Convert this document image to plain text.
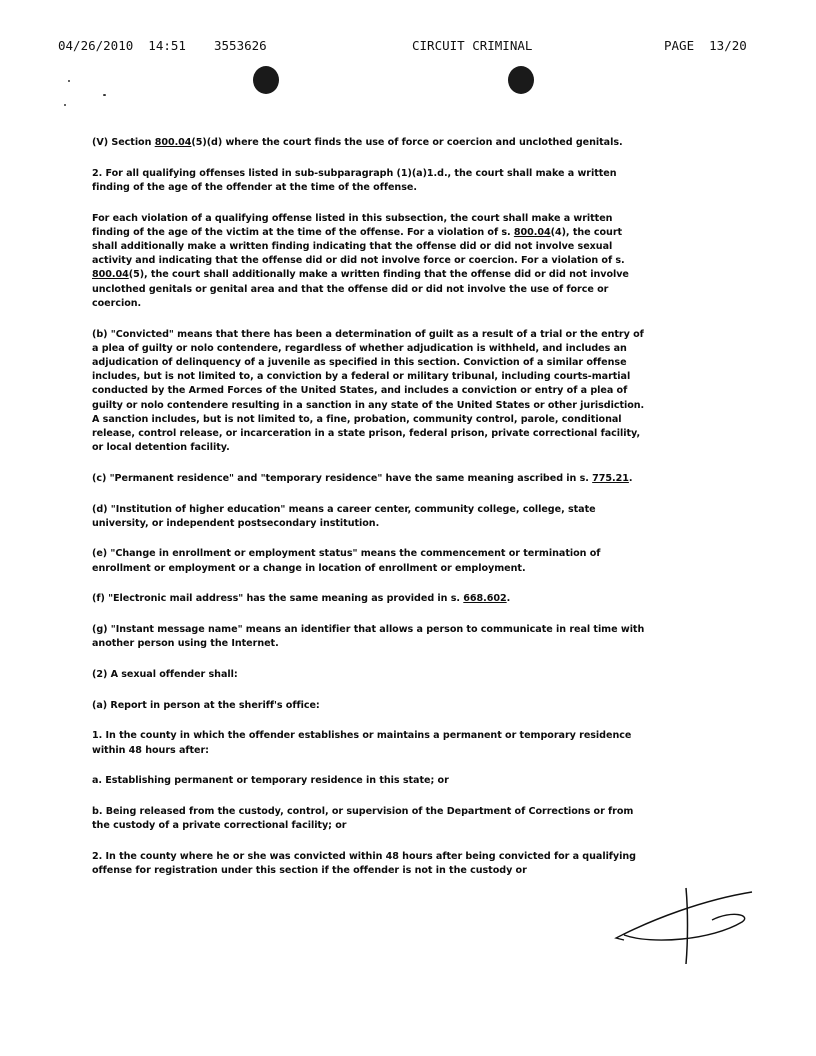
04/26/2010  14:51 3553626	CIRCUIT CRIMINAL	PAGE  13/20

(V) Section 800.04(5)(d) where the court finds the use of force or coercion and unclothed genitals.

2. For all qualifying offenses listed in sub-subparagraph (1)(a)1.d., the court shall make a written finding of the age of the offender at the time of the offense.

For each violation of a qualifying offense listed in this subsection, the court shall make a written finding of the age of the victim at the time of the offense. For a violation of s. 800.04(4), the court shall additionally make a written finding indicating that the offense did or did not involve sexual activity and indicating that the offense did or did not involve force or coercion. For a violation of s. 800.04(5), the court shall additionally make a written finding that the offense did or did not involve unclothed genitals or genital area and that the offense did or did not involve the use of force or coercion.

(b) "Convicted" means that there has been a determination of guilt as a result of a trial or the entry of a plea of guilty or nolo contendere, regardless of whether adjudication is withheld, and includes an adjudication of delinquency of a juvenile as specified in this section. Conviction of a similar offense includes, but is not limited to, a conviction by a federal or military tribunal, including courts-martial conducted by the Armed Forces of the United States, and includes a conviction or entry of a plea of guilty or nolo contendere resulting in a sanction in any state of the United States or other jurisdiction. A sanction includes, but is not limited to, a fine, probation, community control, parole, conditional release, control release, or incarceration in a state prison, federal prison, private correctional facility, or local detention facility.

(c) "Permanent residence" and "temporary residence" have the same meaning ascribed in s. 775.21.

(d) "Institution of higher education" means a career center, community college, college, state university, or independent postsecondary institution.

(e) "Change in enrollment or employment status" means the commencement or termination of enrollment or employment or a change in location of enrollment or employment.

(f) "Electronic mail address" has the same meaning as provided in s. 668.602.

(g) "Instant message name" means an identifier that allows a person to communicate in real time with another person using the Internet.

(2) A sexual offender shall:

(a) Report in person at the sheriff's office:

1. In the county in which the offender establishes or maintains a permanent or temporary residence within 48 hours after:

a. Establishing permanent or temporary residence in this state; or

b. Being released from the custody, control, or supervision of the Department of Corrections or from the custody of a private correctional facility; or

2. In the county where he or she was convicted within 48 hours after being convicted for a qualifying offense for registration under this section if the offender is not in the custody or
